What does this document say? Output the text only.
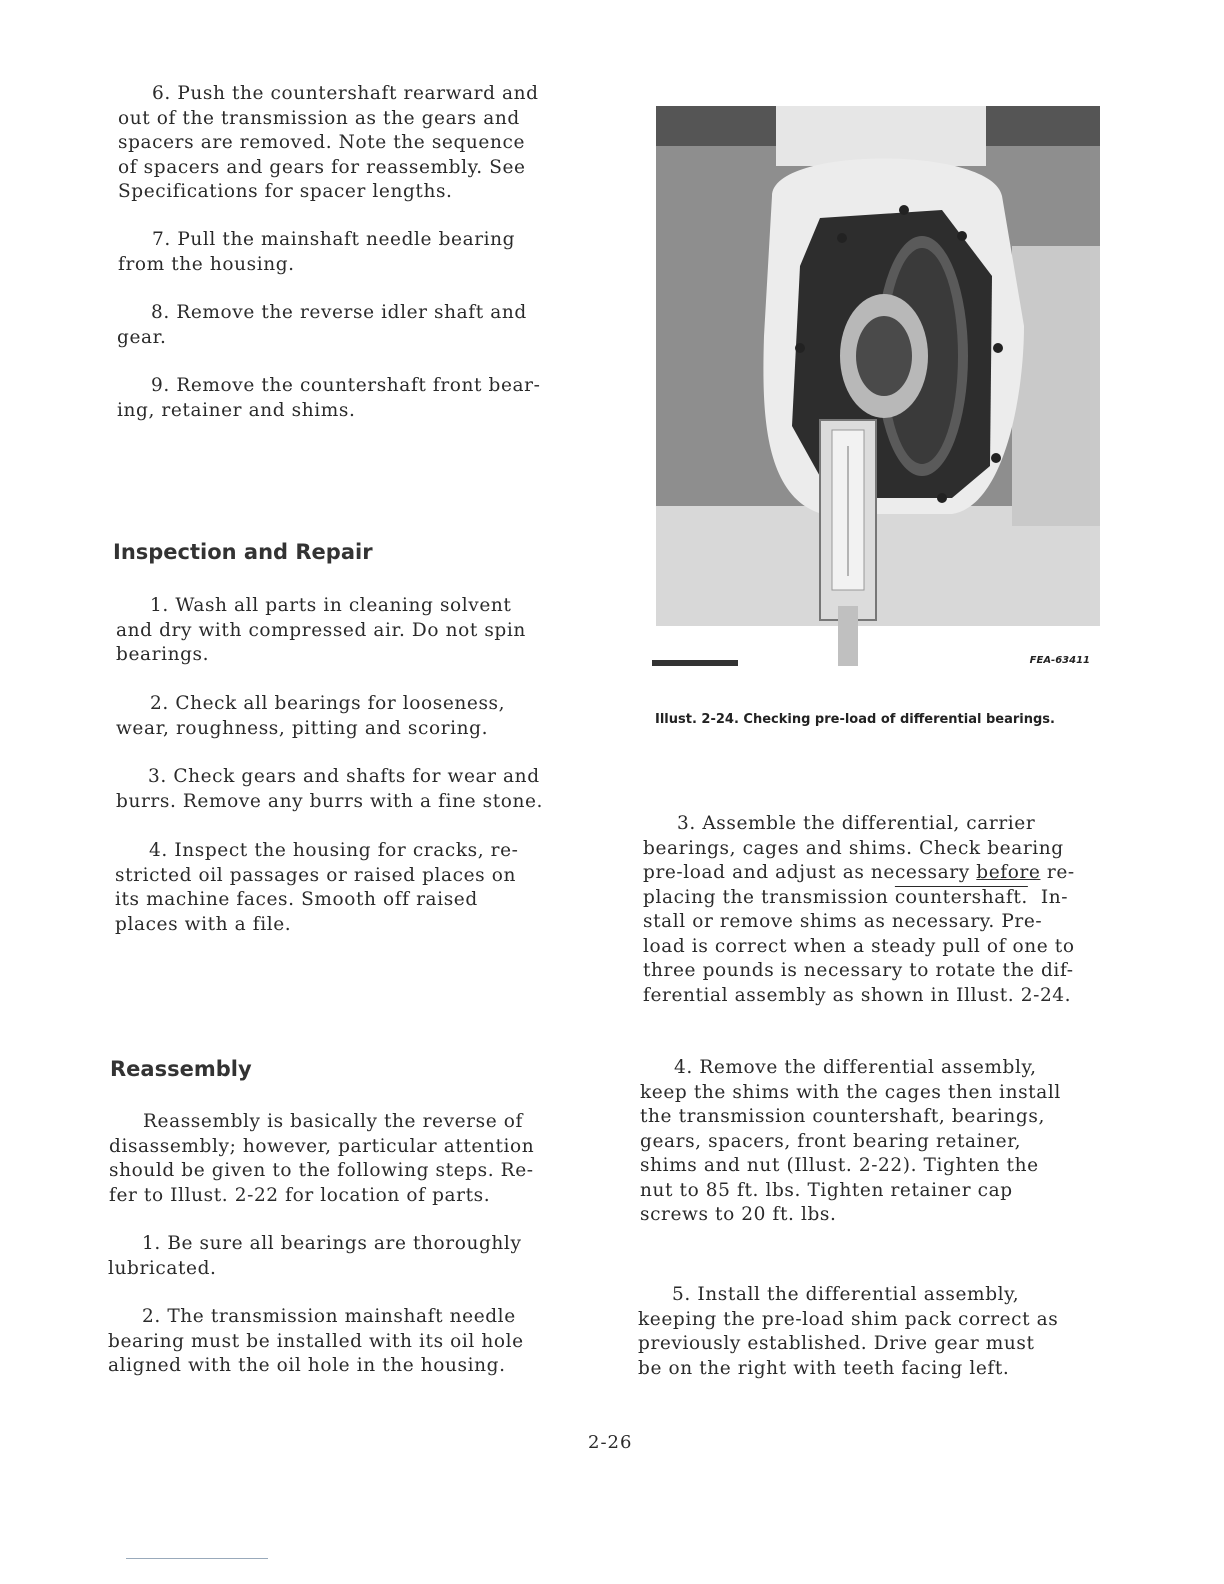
6. Push the countershaft rearward and
out of the transmission as the gears and
spacers are removed. Note the sequence
of spacers and gears for reassembly. See
Specifications for spacer lengths.

7. Pull the mainshaft needle bearing
from the housing.

8. Remove the reverse idler shaft and
gear.

9. Remove the countershaft front bear-
ing, retainer and shims.

Inspection and Repair

1. Wash all parts in cleaning solvent
and dry with compressed air. Do not spin
bearings.

2. Check all bearings for looseness,
wear, roughness, pitting and scoring.

3. Check gears and shafts for wear and
burrs. Remove any burrs with a fine stone.

4. Inspect the housing for cracks, re-
stricted oil passages or raised places on
its machine faces. Smooth off raised
places with a file.

Reassembly

Reassembly is basically the reverse of
disassembly; however, particular attention
should be given to the following steps. Re-
fer to Illust. 2-22 for location of parts.

1. Be sure all bearings are thoroughly
lubricated.

2. The transmission mainshaft needle
bearing must be installed with its oil hole
aligned with the oil hole in the housing.

FEA-63411

Illust. 2-24. Checking pre-load of differential bearings.

3. Assemble the differential, carrier
bearings, cages and shims. Check bearing
pre-load and adjust as necessary before re-
placing the transmission countershaft.  In-
stall or remove shims as necessary. Pre-
load is correct when a steady pull of one to
three pounds is necessary to rotate the dif-
ferential assembly as shown in Illust. 2-24.

4. Remove the differential assembly,
keep the shims with the cages then install
the transmission countershaft, bearings,
gears, spacers, front bearing retainer,
shims and nut (Illust. 2-22). Tighten the
nut to 85 ft. lbs. Tighten retainer cap
screws to 20 ft. lbs.

5. Install the differential assembly,
keeping the pre-load shim pack correct as
previously established. Drive gear must
be on the right with teeth facing left.

2-26
